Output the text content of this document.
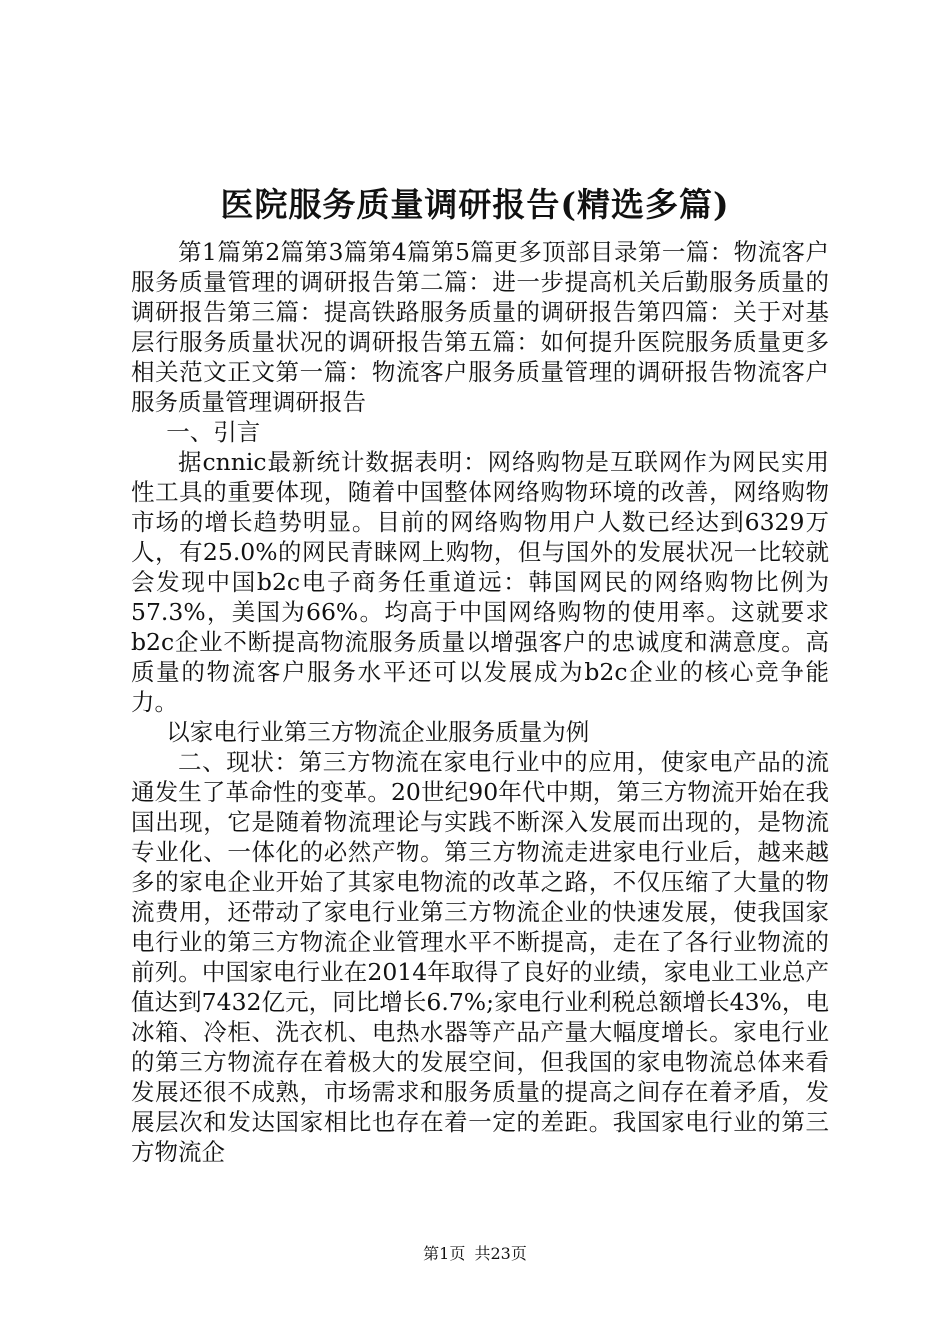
医院服务质量调研报告(精选多篇)

第1篇第2篇第3篇第4篇第5篇更多顶部目录第一篇：物流客户服务质量管理的调研报告第二篇：进一步提高机关后勤服务质量的调研报告第三篇：提高铁路服务质量的调研报告第四篇：关于对基层行服务质量状况的调研报告第五篇：如何提升医院服务质量更多相关范文正文第一篇：物流客户服务质量管理的调研报告物流客户服务质量管理调研报告

一、引言

据cnnic最新统计数据表明：网络购物是互联网作为网民实用性工具的重要体现，随着中国整体网络购物环境的改善，网络购物市场的增长趋势明显。目前的网络购物用户人数已经达到6329万人，有25.0%的网民青睐网上购物，但与国外的发展状况一比较就会发现中国b2c电子商务任重道远：韩国网民的网络购物比例为57.3%，美国为66%。均高于中国网络购物的使用率。这就要求b2c企业不断提高物流服务质量以增强客户的忠诚度和满意度。高质量的物流客户服务水平还可以发展成为b2c企业的核心竞争能力。

以家电行业第三方物流企业服务质量为例

二、现状：第三方物流在家电行业中的应用，使家电产品的流通发生了革命性的变革。20世纪90年代中期，第三方物流开始在我国出现，它是随着物流理论与实践不断深入发展而出现的，是物流专业化、一体化的必然产物。第三方物流走进家电行业后，越来越多的家电企业开始了其家电物流的改革之路，不仅压缩了大量的物流费用，还带动了家电行业第三方物流企业的快速发展，使我国家电行业的第三方物流企业管理水平不断提高，走在了各行业物流的前列。中国家电行业在2014年取得了良好的业绩，家电业工业总产值达到7432亿元，同比增长6.7%;家电行业利税总额增长43%，电冰箱、冷柜、洗衣机、电热水器等产品产量大幅度增长。家电行业的第三方物流存在着极大的发展空间，但我国的家电物流总体来看发展还很不成熟，市场需求和服务质量的提高之间存在着矛盾，发展层次和发达国家相比也存在着一定的差距。我国家电行业的第三方物流企

第1页 共23页
